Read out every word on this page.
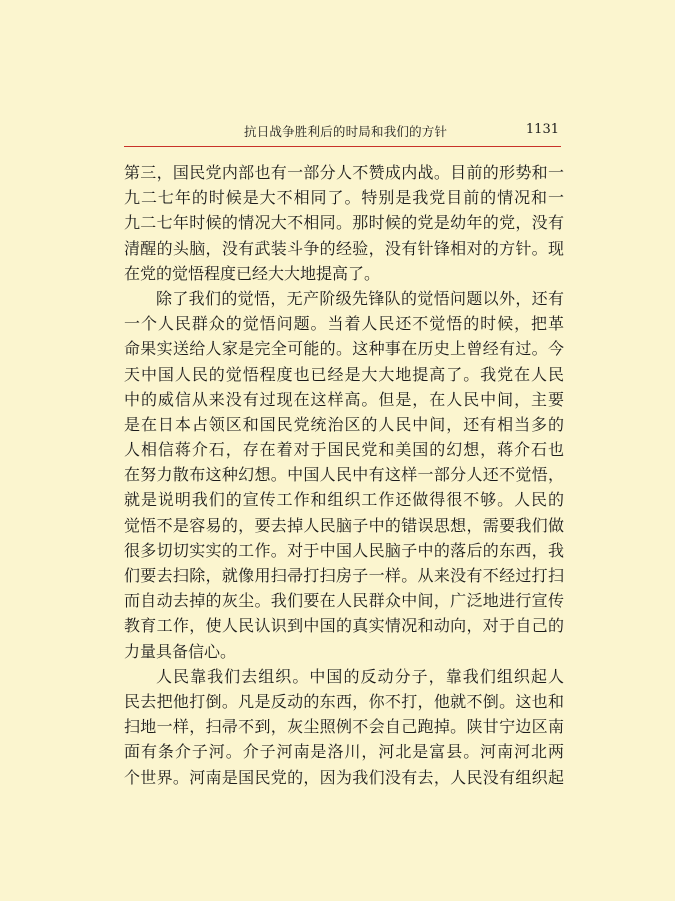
抗日战争胜利后的时局和我们的方针	1131
第三，国民党内部也有一部分人不赞成内战。目前的形势和一
九二七年的时候是大不相同了。特别是我党目前的情况和一
九二七年时候的情况大不相同。那时候的党是幼年的党，没有
清醒的头脑，没有武装斗争的经验，没有针锋相对的方针。现
在党的觉悟程度已经大大地提高了。
除了我们的觉悟，无产阶级先锋队的觉悟问题以外，还有
一个人民群众的觉悟问题。当着人民还不觉悟的时候，把革
命果实送给人家是完全可能的。这种事在历史上曾经有过。今
天中国人民的觉悟程度也已经是大大地提高了。我党在人民
中的威信从来没有过现在这样高。但是，在人民中间，主要
是在日本占领区和国民党统治区的人民中间，还有相当多的
人相信蒋介石，存在着对于国民党和美国的幻想，蒋介石也
在努力散布这种幻想。中国人民中有这样一部分人还不觉悟，
就是说明我们的宣传工作和组织工作还做得很不够。人民的
觉悟不是容易的，要去掉人民脑子中的错误思想，需要我们做
很多切切实实的工作。对于中国人民脑子中的落后的东西，我
们要去扫除，就像用扫帚打扫房子一样。从来没有不经过打扫
而自动去掉的灰尘。我们要在人民群众中间，广泛地进行宣传
教育工作，使人民认识到中国的真实情况和动向，对于自己的
力量具备信心。
人民靠我们去组织。中国的反动分子，靠我们组织起人
民去把他打倒。凡是反动的东西，你不打，他就不倒。这也和
扫地一样，扫帚不到，灰尘照例不会自己跑掉。陕甘宁边区南
面有条介子河。介子河南是洛川，河北是富县。河南河北两
个世界。河南是国民党的，因为我们没有去，人民没有组织起
